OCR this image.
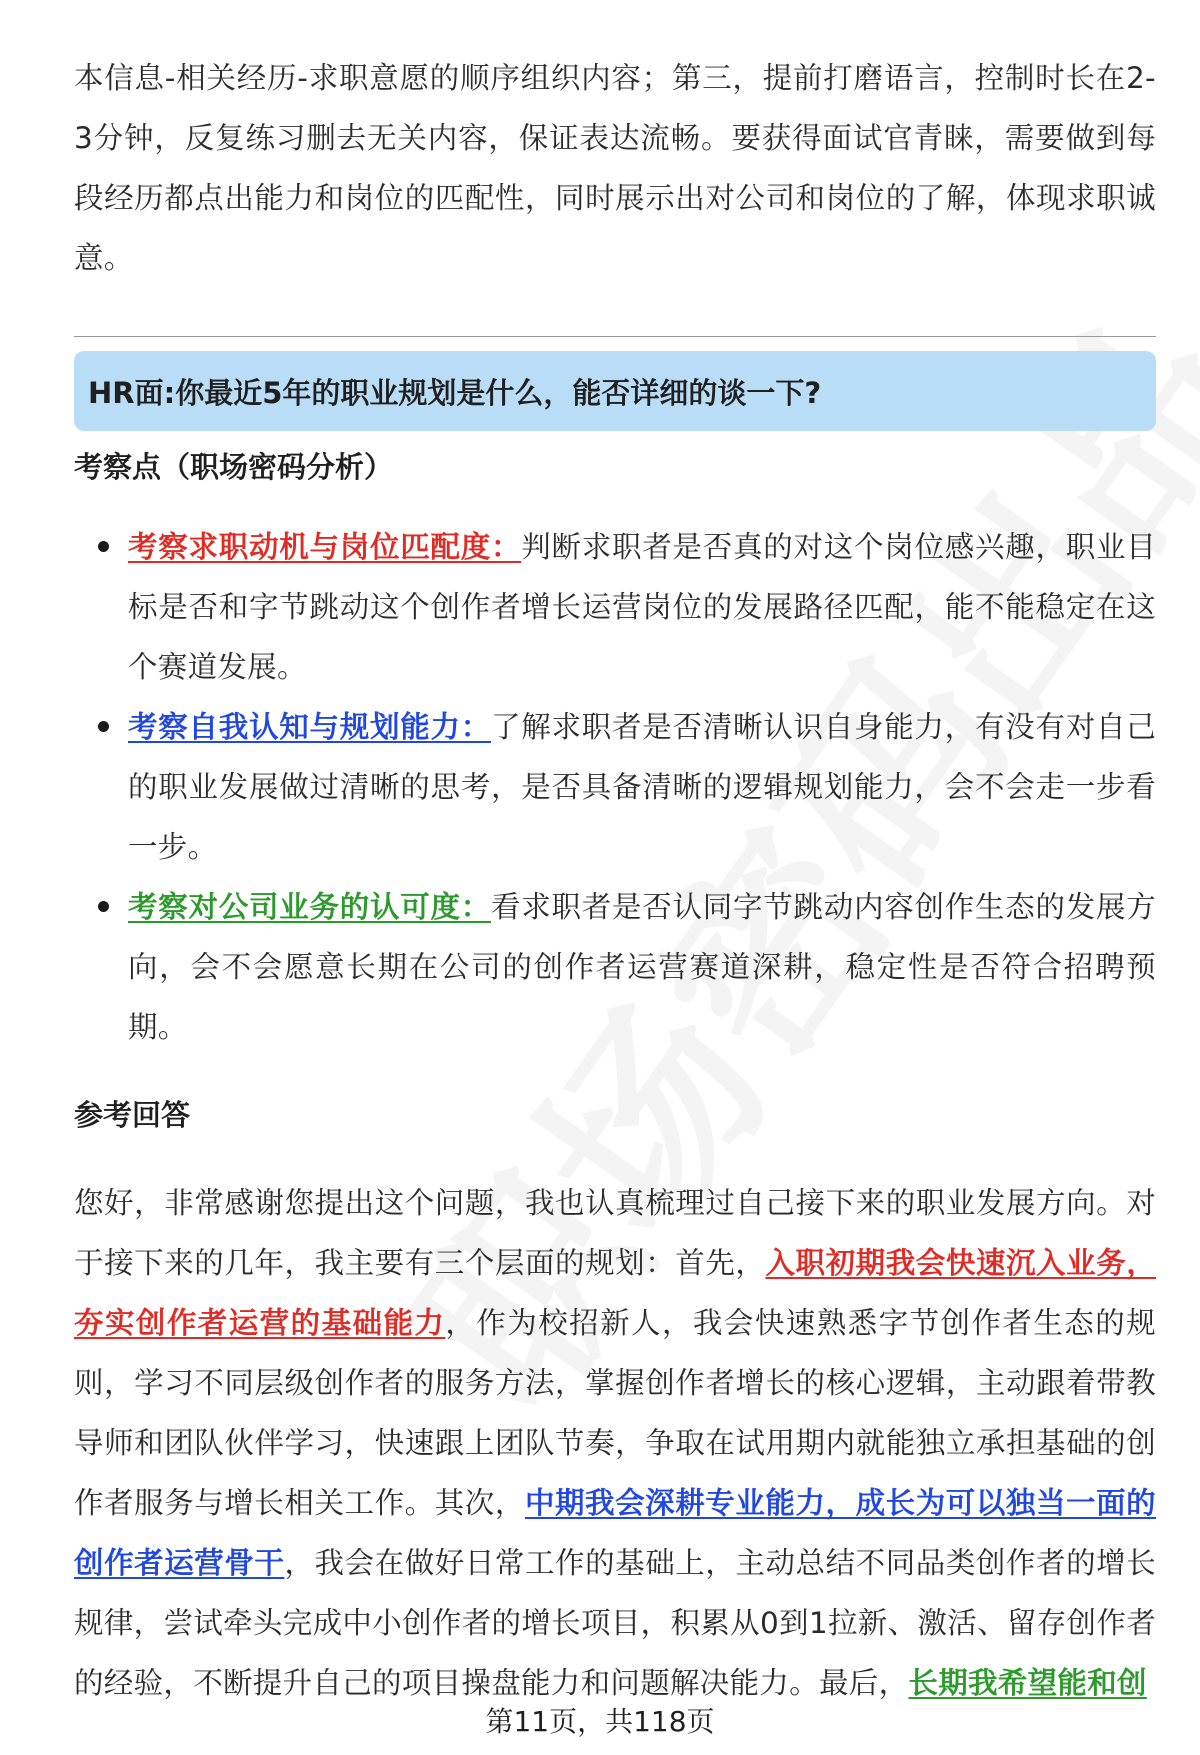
本信息-相关经历-求职意愿的顺序组织内容；第三，提前打磨语言，控制时长在2-3分钟，反复练习删去无关内容，保证表达流畅。要获得面试官青睐，需要做到每段经历都点出能力和岗位的匹配性，同时展示出对公司和岗位的了解，体现求职诚意。

HR面:你最近5年的职业规划是什么，能否详细的谈一下?
考察点（职场密码分析）
考察求职动机与岗位匹配度：判断求职者是否真的对这个岗位感兴趣，职业目标是否和字节跳动这个创作者增长运营岗位的发展路径匹配，能不能稳定在这个赛道发展。
考察自我认知与规划能力：了解求职者是否清晰认识自身能力，有没有对自己的职业发展做过清晰的思考，是否具备清晰的逻辑规划能力，会不会走一步看一步。
考察对公司业务的认可度：看求职者是否认同字节跳动内容创作生态的发展方向，会不会愿意长期在公司的创作者运营赛道深耕，稳定性是否符合招聘预期。
参考回答

您好，非常感谢您提出这个问题，我也认真梳理过自己接下来的职业发展方向。对于接下来的几年，我主要有三个层面的规划：首先，入职初期我会快速沉入业务，夯实创作者运营的基础能力，作为校招新人，我会快速熟悉字节创作者生态的规则，学习不同层级创作者的服务方法，掌握创作者增长的核心逻辑，主动跟着带教导师和团队伙伴学习，快速跟上团队节奏，争取在试用期内就能独立承担基础的创作者服务与增长相关工作。其次，中期我会深耕专业能力，成长为可以独当一面的创作者运营骨干，我会在做好日常工作的基础上，主动总结不同品类创作者的增长规律，尝试牵头完成中小创作者的增长项目，积累从0到1拉新、激活、留存创作者的经验，不断提升自己的项目操盘能力和问题解决能力。最后，长期我希望能和创

第11页，共118页
